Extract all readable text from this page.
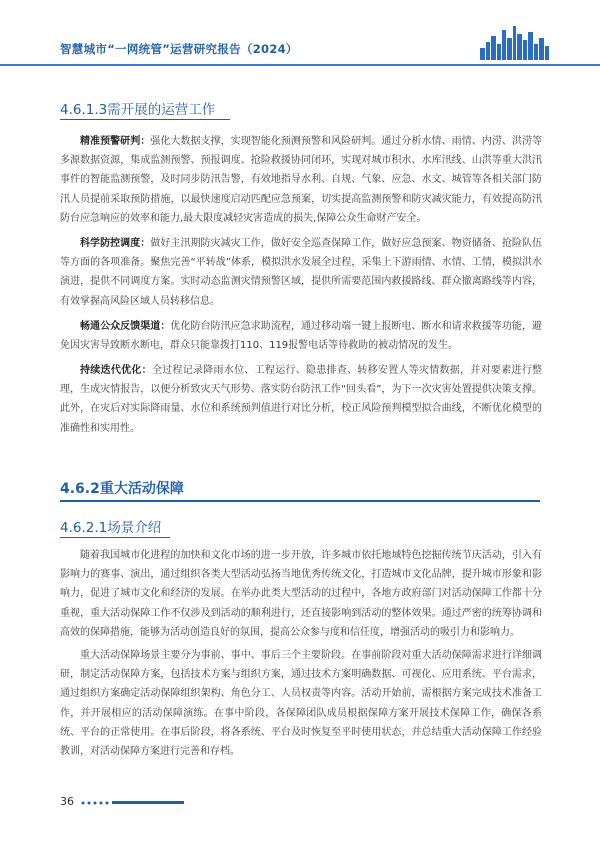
智慧城市“一网统管”运营研究报告（2024）
4.6.1.3需开展的运营工作

精准预警研判：强化大数据支撑，实现智能化预测预警和风险研判。通过分析水情、雨情、内涝、洪涝等多源数据资源，集成监测预警、预报调度、抢险救援协同闭环，实现对城市积水、水库汛线、山洪等重大洪汛事件的智能监测预警，及时同步防汛告警，有效地指导水利、自规、气象、应急、水文、城管等各相关部门防汛人员提前采取预防措施，以最快速度启动匹配应急预案，切实提高监测预警和防灾减灾能力，有效提高防汛防台应急响应的效率和能力,最大限度减轻灾害造成的损失,保障公众生命财产安全。

科学防控调度：做好主汛期防灾减灾工作，做好安全巡查保障工作，做好应急预案、物资储备、抢险队伍等方面的各项准备。聚焦完善“平转战”体系，模拟洪水发展全过程，采集上下游雨情、水情、工情，模拟洪水演进，提供不同调度方案。实时动态监测灾情预警区域，提供所需要范围内救援路线、群众撤离路线等内容，有效掌握高风险区域人员转移信息。

畅通公众反馈渠道：优化防台防汛应急求助流程，通过移动端一键上报断电、断水和请求救援等功能，避免因灾害导致断水断电，群众只能靠拨打110、119报警电话等待救助的被动情况的发生。

持续迭代优化：全过程记录降雨水位、工程运行、隐患排查、转移安置人等灾情数据，并对要素进行整理，生成灾情报告，以便分析致灾天气形势、落实防台防汛工作“回头看”，为下一次灾害处置提供决策支撑。此外，在灾后对实际降雨量、水位和系统预判值进行对比分析，校正风险预判模型拟合曲线，不断优化模型的准确性和实用性。

4.6.2重大活动保障
4.6.2.1场景介绍

随着我国城市化进程的加快和文化市场的进一步开放，许多城市依托地域特色挖掘传统节庆活动，引入有影响力的赛事、演出，通过组织各类大型活动弘扬当地优秀传统文化，打造城市文化品牌，提升城市形象和影响力，促进了城市文化和经济的发展。在举办此类大型活动的过程中，各地方政府部门对活动保障工作都十分重视，重大活动保障工作不仅涉及到活动的顺利进行，还直接影响到活动的整体效果。通过严密的统筹协调和高效的保障措施，能够为活动创造良好的氛围，提高公众参与度和信任度，增强活动的吸引力和影响力。

重大活动保障场景主要分为事前、事中、事后三个主要阶段。在事前阶段对重大活动保障需求进行详细调研，制定活动保障方案，包括技术方案与组织方案，通过技术方案明确数据、可视化、应用系统、平台需求，通过组织方案确定活动保障组织架构、角色分工、人员权责等内容。活动开始前，需根据方案完成技术准备工作，并开展相应的活动保障演练。在事中阶段，各保障团队成员根据保障方案开展技术保障工作，确保各系统、平台的正常使用。在事后阶段，将各系统、平台及时恢复至平时使用状态，并总结重大活动保障工作经验教训，对活动保障方案进行完善和存档。

36
